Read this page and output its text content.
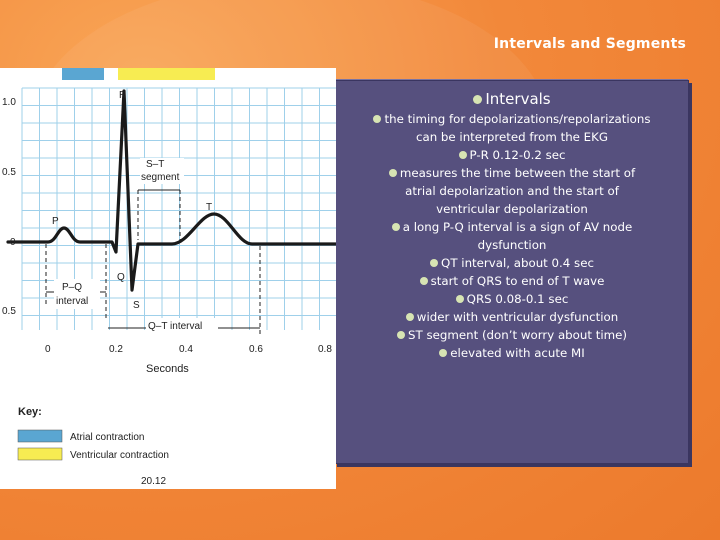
Intervals and Segments
Intervals
the timing for depolarizations/repolarizations can be interpreted from the EKG
P-R 0.12-0.2 sec
measures the time between the start of atrial depolarization and the start of ventricular depolarization
a long P-Q interval is a sign of AV node dysfunction
QT interval, about 0.4 sec
start of QRS to end of T wave
QRS 0.08-0.1 sec
wider with ventricular dysfunction
ST segment (don’t worry about time)
elevated with acute MI
1.0
0.5
0
0.5
0	0.2	0.4	0.6	0.8
Seconds
R
P
T
Q
S
S–T
segment
P–Q
interval
Q–T interval
Key:
Atrial contraction
Ventricular contraction
20.12
